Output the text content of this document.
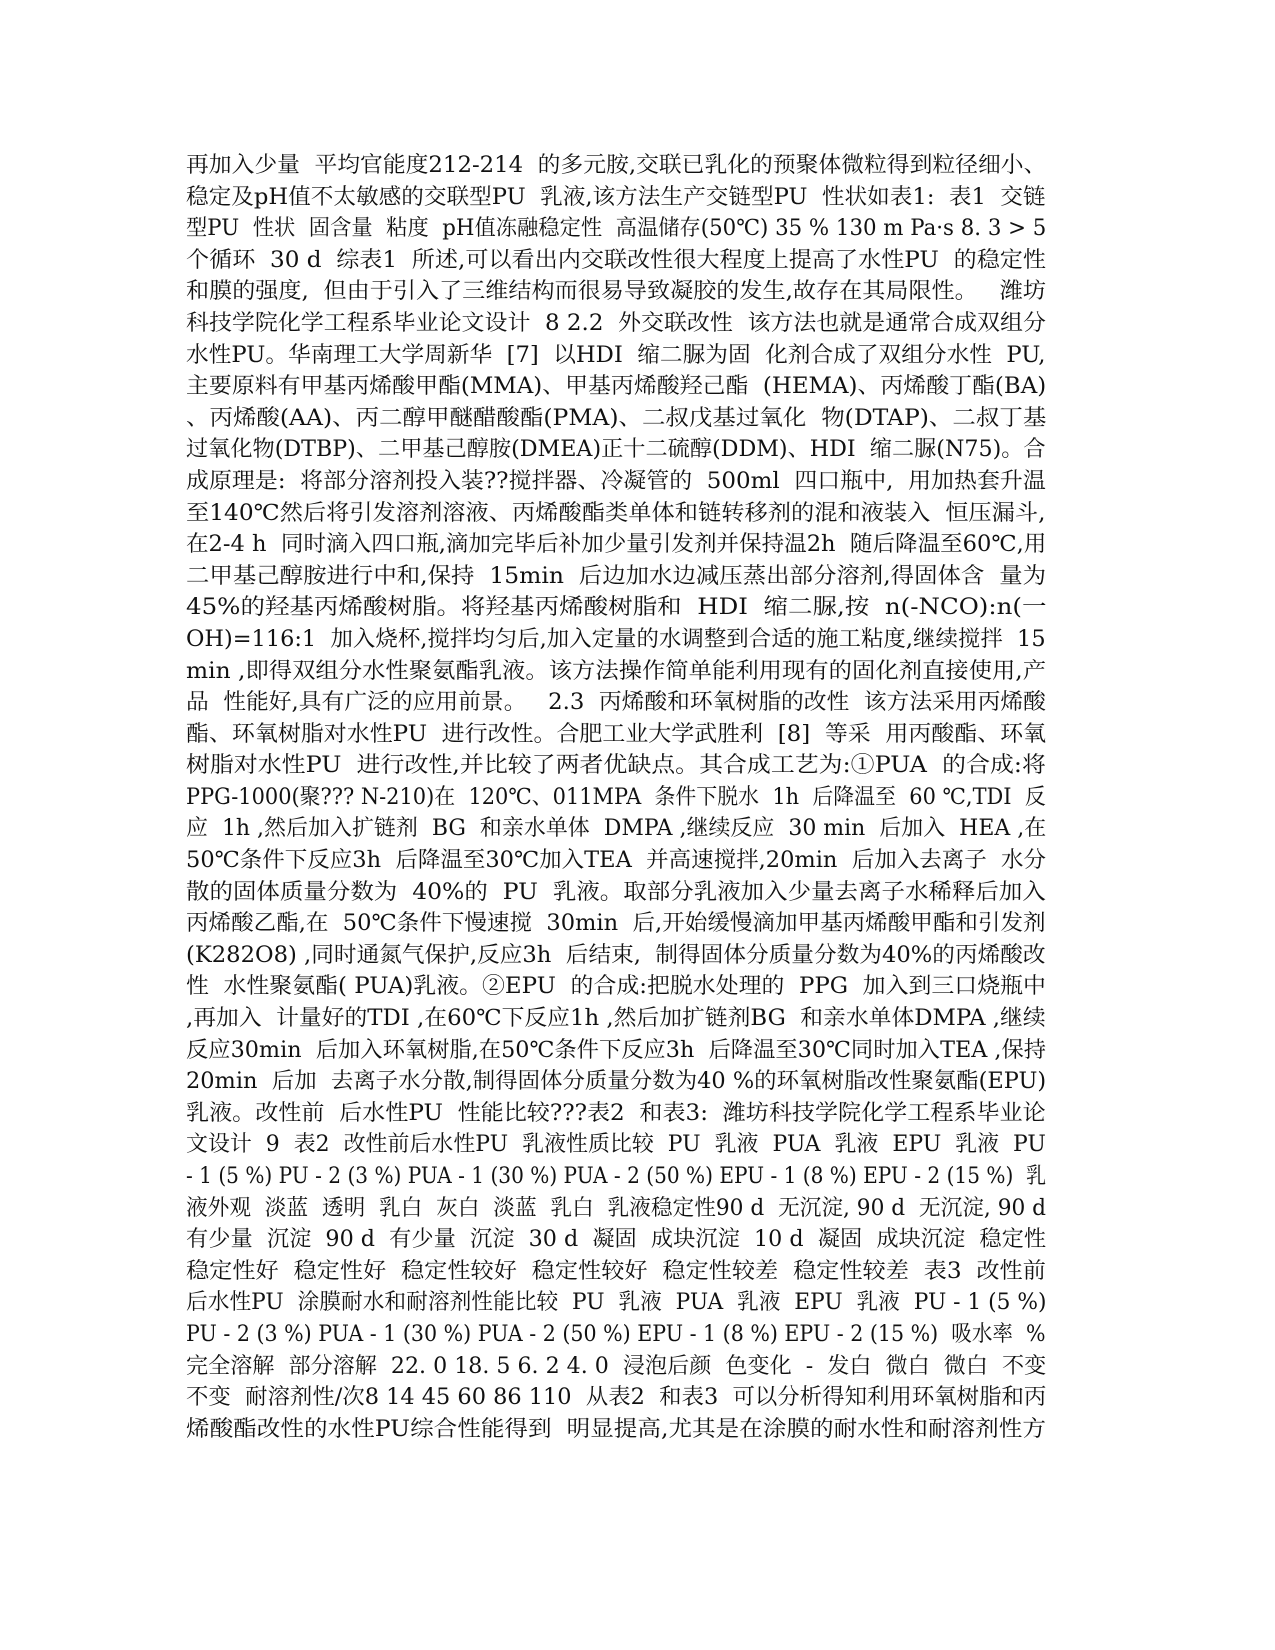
再加入少量  平均官能度212-214  的多元胺,交联已乳化的预聚体微粒得到粒径细小、
稳定及pH值不太敏感的交联型PU  乳液,该方法生产交链型PU  性状如表1:  表1  交链
型PU  性状  固含量  粘度  pH值冻融稳定性  高温储存(50℃) 35 % 130 m Pa·s 8. 3 > 5
个循环  30 d  综表1  所述,可以看出内交联改性很大程度上提高了水性PU  的稳定性
和膜的强度,  但由于引入了三维结构而很易导致凝胶的发生,故存在其局限性。   潍坊
科技学院化学工程系毕业论文设计  8 2.2  外交联改性  该方法也就是通常合成双组分
水性PU。华南理工大学周新华  [7]  以HDI  缩二脲为固  化剂合成了双组分水性  PU,
主要原料有甲基丙烯酸甲酯(MMA)、甲基丙烯酸羟己酯  (HEMA)、丙烯酸丁酯(BA)
、丙烯酸(AA)、丙二醇甲醚醋酸酯(PMA)、二叔戊基过氧化  物(DTAP)、二叔丁基
过氧化物(DTBP)、二甲基己醇胺(DMEA)正十二硫醇(DDM)、HDI  缩二脲(N75)。合
成原理是:  将部分溶剂投入装??搅拌器、冷凝管的  500ml  四口瓶中,  用加热套升温
至140℃然后将引发溶剂溶液、丙烯酸酯类单体和链转移剂的混和液装入  恒压漏斗,
在2-4 h  同时滴入四口瓶,滴加完毕后补加少量引发剂并保持温2h  随后降温至60℃,用
二甲基己醇胺进行中和,保持  15min  后边加水边减压蒸出部分溶剂,得固体含  量为
45%的羟基丙烯酸树脂。将羟基丙烯酸树脂和  HDI  缩二脲,按  n(-NCO):n(一
OH)=116:1  加入烧杯,搅拌均匀后,加入定量的水调整到合适的施工粘度,继续搅拌  15
min ,即得双组分水性聚氨酯乳液。该方法操作简单能利用现有的固化剂直接使用,产
品  性能好,具有广泛的应用前景。   2.3  丙烯酸和环氧树脂的改性  该方法采用丙烯酸
酯、环氧树脂对水性PU  进行改性。合肥工业大学武胜利  [8]  等采  用丙酸酯、环氧
树脂对水性PU  进行改性,并比较了两者优缺点。其合成工艺为:①PUA  的合成:将
PPG-1000(聚??? N-210)在  120℃、011MPA  条件下脱水  1h  后降温至  60 ℃,TDI  反
应  1h ,然后加入扩链剂  BG  和亲水单体  DMPA ,继续反应  30 min  后加入  HEA ,在
50℃条件下反应3h  后降温至30℃加入TEA  并高速搅拌,20min  后加入去离子  水分
散的固体质量分数为  40%的  PU  乳液。取部分乳液加入少量去离子水稀释后加入
丙烯酸乙酯,在  50℃条件下慢速搅  30min  后,开始缓慢滴加甲基丙烯酸甲酯和引发剂
(K282O8) ,同时通氮气保护,反应3h  后结束,  制得固体分质量分数为40%的丙烯酸改
性  水性聚氨酯( PUA)乳液。②EPU  的合成:把脱水处理的  PPG  加入到三口烧瓶中
,再加入  计量好的TDI ,在60℃下反应1h ,然后加扩链剂BG  和亲水单体DMPA ,继续
反应30min  后加入环氧树脂,在50℃条件下反应3h  后降温至30℃同时加入TEA ,保持
20min  后加  去离子水分散,制得固体分质量分数为40 %的环氧树脂改性聚氨酯(EPU)
乳液。改性前  后水性PU  性能比较???表2  和表3:  潍坊科技学院化学工程系毕业论
文设计  9  表2  改性前后水性PU  乳液性质比较  PU  乳液  PUA  乳液  EPU  乳液  PU
- 1 (5 %) PU - 2 (3 %) PUA - 1 (30 %) PUA - 2 (50 %) EPU - 1 (8 %) EPU - 2 (15 %)  乳
液外观  淡蓝  透明  乳白  灰白  淡蓝  乳白  乳液稳定性90 d  无沉淀, 90 d  无沉淀, 90 d
有少量  沉淀  90 d  有少量  沉淀  30 d  凝固  成块沉淀  10 d  凝固  成块沉淀  稳定性
稳定性好  稳定性好  稳定性较好  稳定性较好  稳定性较差  稳定性较差  表3  改性前
后水性PU  涂膜耐水和耐溶剂性能比较  PU  乳液  PUA  乳液  EPU  乳液  PU - 1 (5 %)
PU - 2 (3 %) PUA - 1 (30 %) PUA - 2 (50 %) EPU - 1 (8 %) EPU - 2 (15 %)  吸水率  %
完全溶解  部分溶解  22. 0 18. 5 6. 2 4. 0  浸泡后颜  色变化  -  发白  微白  微白  不变
不变  耐溶剂性/次8 14 45 60 86 110  从表2  和表3  可以分析得知利用环氧树脂和丙
烯酸酯改性的水性PU综合性能得到  明显提高,尤其是在涂膜的耐水性和耐溶剂性方
